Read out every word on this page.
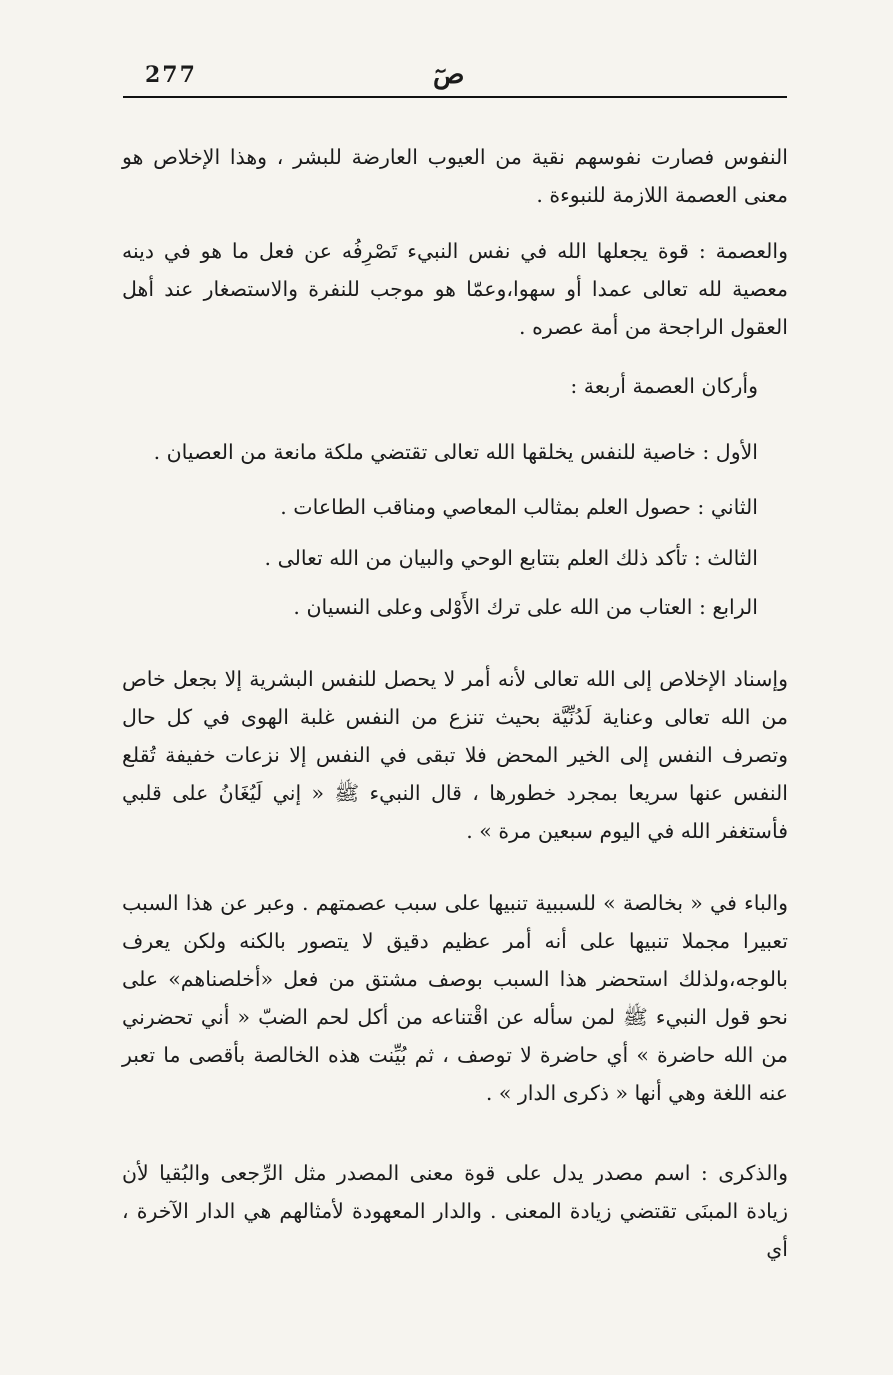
277	صٓ

النفوس فصارت نفوسهم نقية من العيوب العارضة للبشر ، وهذا الإخلاص هو معنى العصمة اللازمة للنبوءة .

والعصمة : قوة يجعلها الله في نفس النبيء تَصْرِفُه عن فعل ما هو في دينه معصية لله تعالى عمدا أو سهوا،وعمّا هو موجب للنفرة والاستصغار عند أهل العقول الراجحة من أمة عصره .

وأركان العصمة أربعة :

الأول : خاصية للنفس يخلقها الله تعالى تقتضي ملكة مانعة من العصيان .

الثاني : حصول العلم بمثالب المعاصي ومناقب الطاعات .

الثالث : تأكد ذلك العلم بتتابع الوحي والبيان من الله تعالى .

الرابع : العتاب من الله على ترك الأَوْلى وعلى النسيان .

وإسناد الإخلاص إلى الله تعالى لأنه أمر لا يحصل للنفس البشرية إلا بجعل خاص من الله تعالى وعناية لَدُنِّيَّة بحيث تنزع من النفس غلبة الهوى في كل حال وتصرف النفس إلى الخير المحض فلا تبقى في النفس إلا نزعات خفيفة تُقلع النفس عنها سريعا بمجرد خطورها ، قال النبيء ﷺ « إني لَيُغَانُ على قلبي فأستغفر الله في اليوم سبعين مرة » .

والباء في « بخالصة » للسببية تنبيها على سبب عصمتهم . وعبر عن هذا السبب تعبيرا مجملا تنبيها على أنه أمر عظيم دقيق لا يتصور بالكنه ولكن يعرف بالوجه،ولذلك استحضر هذا السبب بوصف مشتق من فعل «أخلصناهم» على نحو قول النبيء ﷺ لمن سأله عن اقْتناعه من أكل لحم الضبّ « أني تحضرني من الله حاضرة » أي حاضرة لا توصف ، ثم بُيِّنت هذه الخالصة بأقصى ما تعبر عنه اللغة وهي أنها « ذكرى الدار » .

والذكرى : اسم مصدر يدل على قوة معنى المصدر مثل الرِّجعى والبُقيا لأن زيادة المبنَى تقتضي زيادة المعنى . والدار المعهودة لأمثالهم هي الدار الآخرة ، أي
